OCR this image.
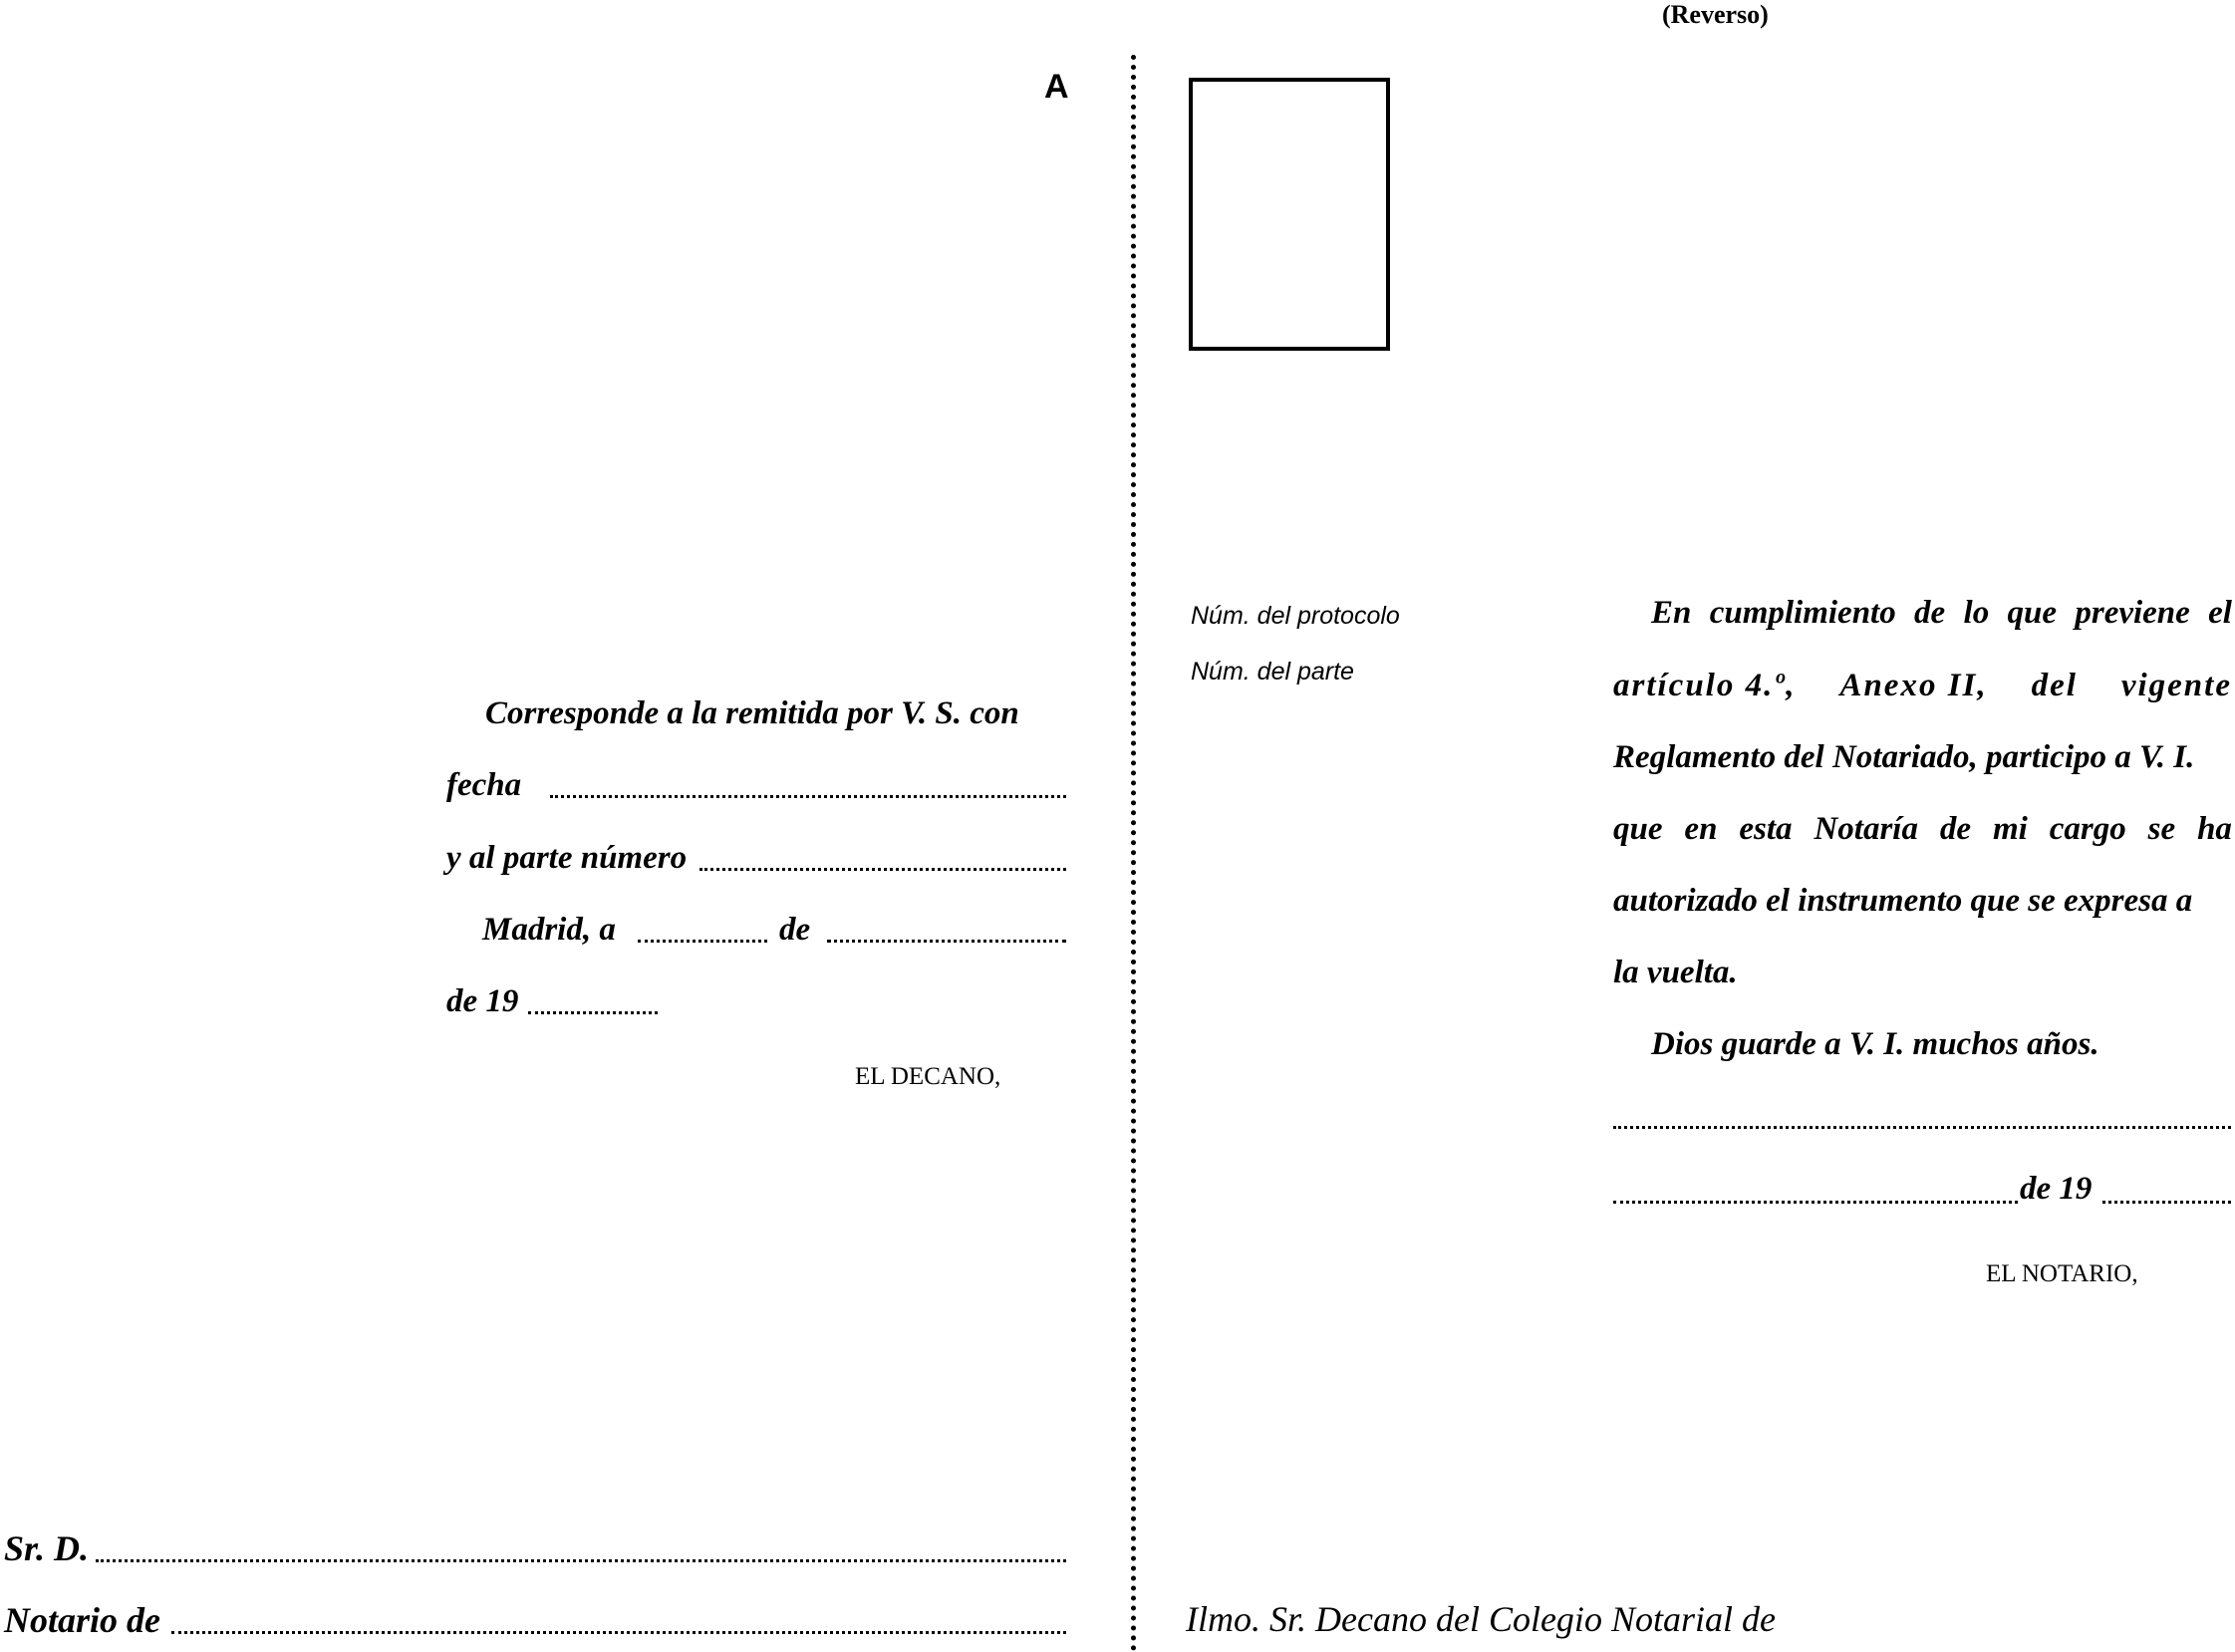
(Reverso)
A
Corresponde a la remitida por V. S. con
fecha
y al parte número
Madrid, a	de
de 19
EL DECANO,
Sr. D.
Notario de
Núm. del protocolo
Núm. del parte
En cumplimiento de lo que previene el
artículo 4.º, Anexo II, del vigente
Reglamento del Notariado, participo a V. I.
que en esta Notaría de mi cargo se ha
autorizado el instrumento que se expresa a
la vuelta.
Dios guarde a V. I. muchos años.
de 19
EL NOTARIO,
Ilmo. Sr. Decano del Colegio Notarial de
